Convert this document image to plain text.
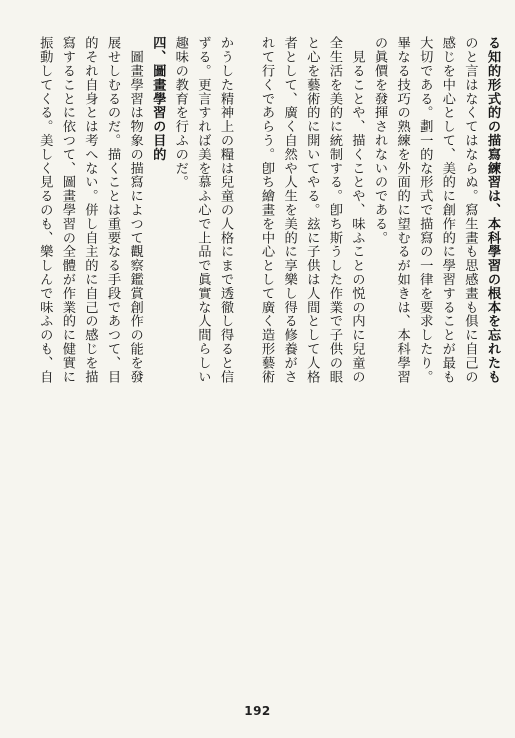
る知的形式的の描寫練習は、本科學習の根本を忘れたも
のと言はなくてはならぬ。寫生畫も思感畫も俱に自己の
感じを中心として、美的に創作的に學習することが最も
大切である。劃一的な形式で描寫の一律を要求したり。
畢なる技巧の熟練を外面的に望むるが如きは、本科學習
の眞價を發揮されないのである。
　見ることや、描くことや、味ふことの悦の内に兒童の
全生活を美的に統制する。卽ち斯うした作業で子供の眼
と心を藝術的に開いてやる。玆に子供は人間として人格
者として、廣く自然や人生を美的に享樂し得る修養がさ
れて行くであらう。卽ち繪畫を中心として廣く造形藝術
かうした精神上の糧は兒童の人格にまで透徹し得ると信
ずる。更言すれば美を慕ふ心で上品で眞實な人間らしい
趣味の教育を行ふのだ。
四、圖畫學習の目的
　圖畫學習は物象の描寫によつて觀察鑑賞創作の能を發
展せしむるのだ。描くことは重要なる手段であつて、目
的それ自身とは考へない。併し自主的に自己の感じを描
寫することに依つて、圖畫學習の全體が作業的に健實に
振動してくる。美しく見るのも、樂しんで味ふのも、自
192
